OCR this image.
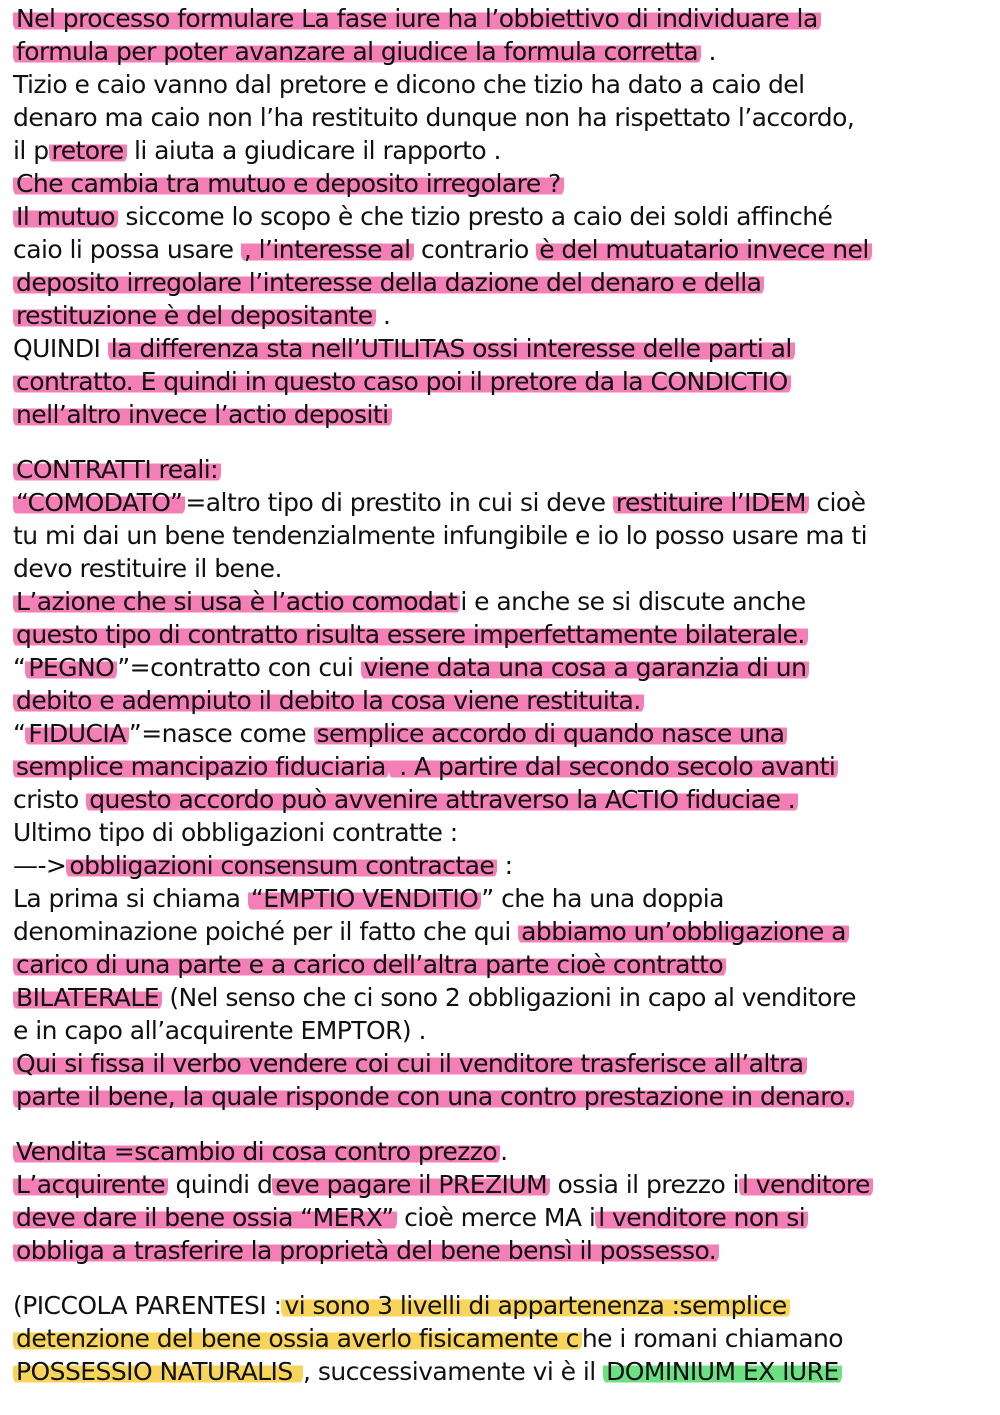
Nel processo formulare La fase iure ha l’obbiettivo di individuare la
formula per poter avanzare al giudice la formula corretta .
Tizio e caio vanno dal pretore e dicono che tizio ha dato a caio del
denaro ma caio non l’ha restituito dunque non ha rispettato l’accordo,
il p retore li aiuta a giudicare il rapporto .
Che cambia tra mutuo e deposito irregolare ?
Il mutuo siccome lo scopo è che tizio presto a caio dei soldi affinché
caio li possa usare , l’interesse al contrario è del mutuatario invece nel
deposito irregolare l’interesse della dazione del denaro e della
restituzione è del depositante .
QUINDI la differenza sta nell’UTILITAS ossi interesse delle parti al
contratto. E quindi in questo caso poi il pretore da la CONDICTIO
nell’altro invece l’actio depositi
CONTRATTI reali:
“COMODATO” =altro tipo di prestito in cui si deve restituire l’IDEM cioè
tu mi dai un bene tendenzialmente infungibile e io lo posso usare ma ti
devo restituire il bene.
L’azione che si usa è l’actio comodat i e anche se si discute anche
questo tipo di contratto risulta essere imperfettamente bilaterale.
“ PEGNO ”=contratto con cui viene data una cosa a garanzia di un
debito e adempiuto il debito la cosa viene restituita.
“ FIDUCIA ”=nasce come semplice accordo di quando nasce una
semplice mancipazio fiduciaria . A partire dal secondo secolo avanti
cristo questo accordo può avvenire attraverso la ACTIO fiduciae .
Ultimo tipo di obbligazioni contratte :
—-> obbligazioni consensum contractae :
La prima si chiama “EMPTIO VENDITIO ” che ha una doppia
denominazione poiché per il fatto che qui abbiamo un’obbligazione a
carico di una parte e a carico dell’altra parte cioè contratto
BILATERALE (Nel senso che ci sono 2 obbligazioni in capo al venditore
e in capo all’acquirente EMPTOR) .
Qui si fissa il verbo vendere coi cui il venditore trasferisce all’altra
parte il bene, la quale risponde con una contro prestazione in denaro.
Vendita =scambio di cosa contro prezzo .
L’acquirente quindi d eve pagare il PREZIUM ossia il prezzo i l venditore
deve dare il bene ossia “MERX” cioè merce MA i l venditore non si
obbliga a trasferire la proprietà del bene bensì il possesso.
(PICCOLA PARENTESI : vi sono 3 livelli di appartenenza :semplice
detenzione del bene ossia averlo fisicamente c he i romani chiamano
POSSESSIO NATURALIS , successivamente vi è il DOMINIUM EX IURE
